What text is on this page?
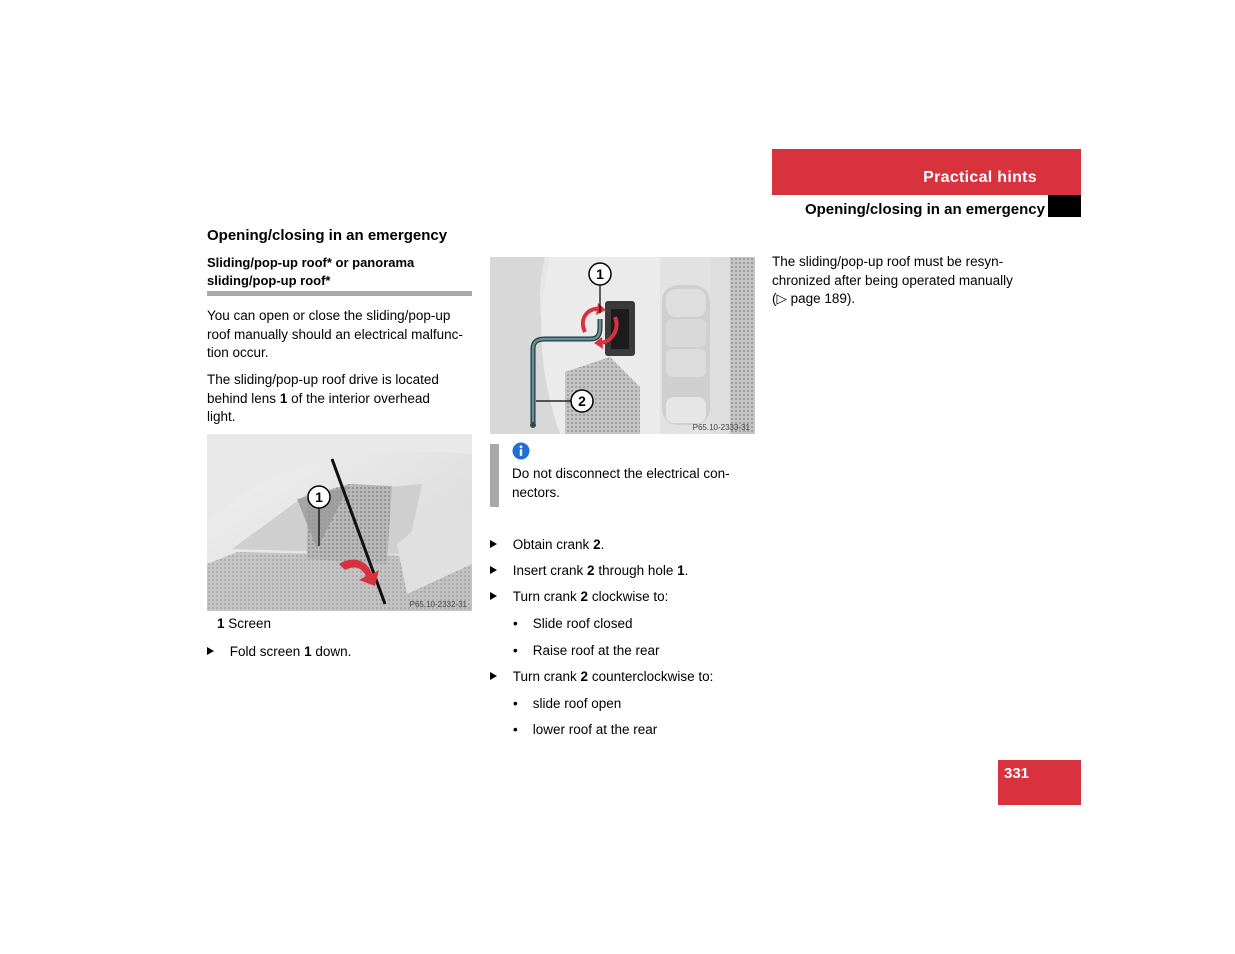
Practical hints
Opening/closing in an emergency
Opening/closing in an emergency
Sliding/pop-up roof* or panorama
sliding/pop-up roof*
You can open or close the sliding/pop-up
roof manually should an electrical malfunc-
tion occur.
The sliding/pop-up roof drive is located
behind lens 1 of the interior overhead
light.
1
P65.10-2332-31
1 Screen
Fold screen 1 down.
1
2
P65.10-2333-31
Do not disconnect the electrical con-
nectors.
Obtain crank 2.
Insert crank 2 through hole 1.
Turn crank 2 clockwise to:
• Slide roof closed
• Raise roof at the rear
Turn crank 2 counterclockwise to:
• slide roof open
• lower roof at the rear
The sliding/pop-up roof must be resyn-
chronized after being operated manually
(▷ page 189).
331
